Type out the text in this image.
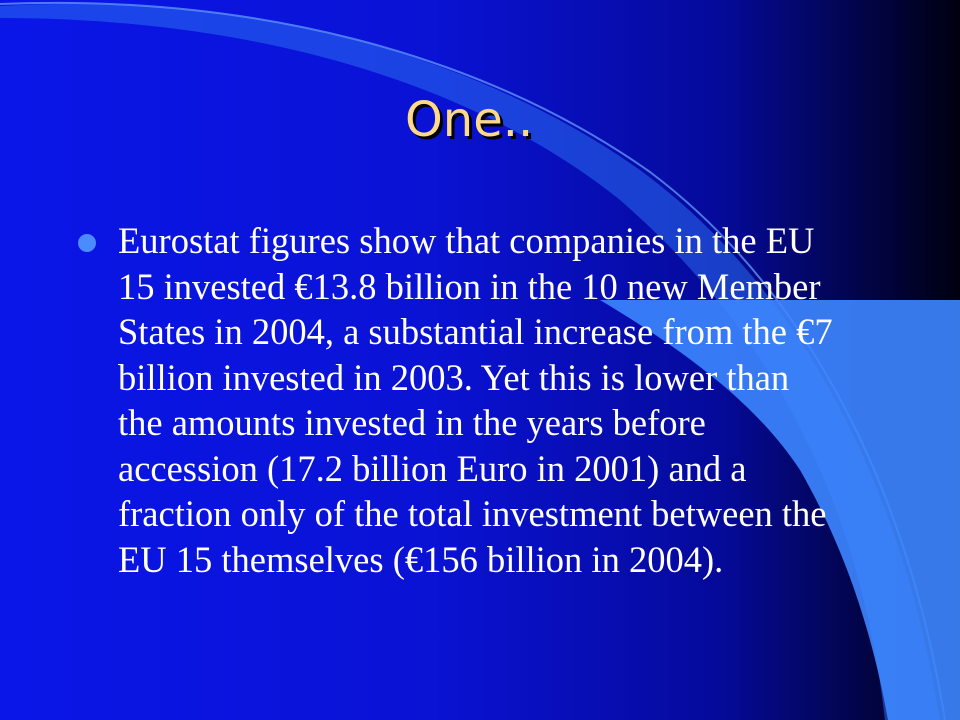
One..
Eurostat figures show that companies in the EU 15 invested €13.8 billion in the 10 new Member States in 2004, a substantial increase from the €7 billion invested in 2003. Yet this is lower than the amounts invested in the years before accession (17.2 billion Euro in 2001) and a fraction only of the total investment between the EU 15 themselves (€156 billion in 2004).
